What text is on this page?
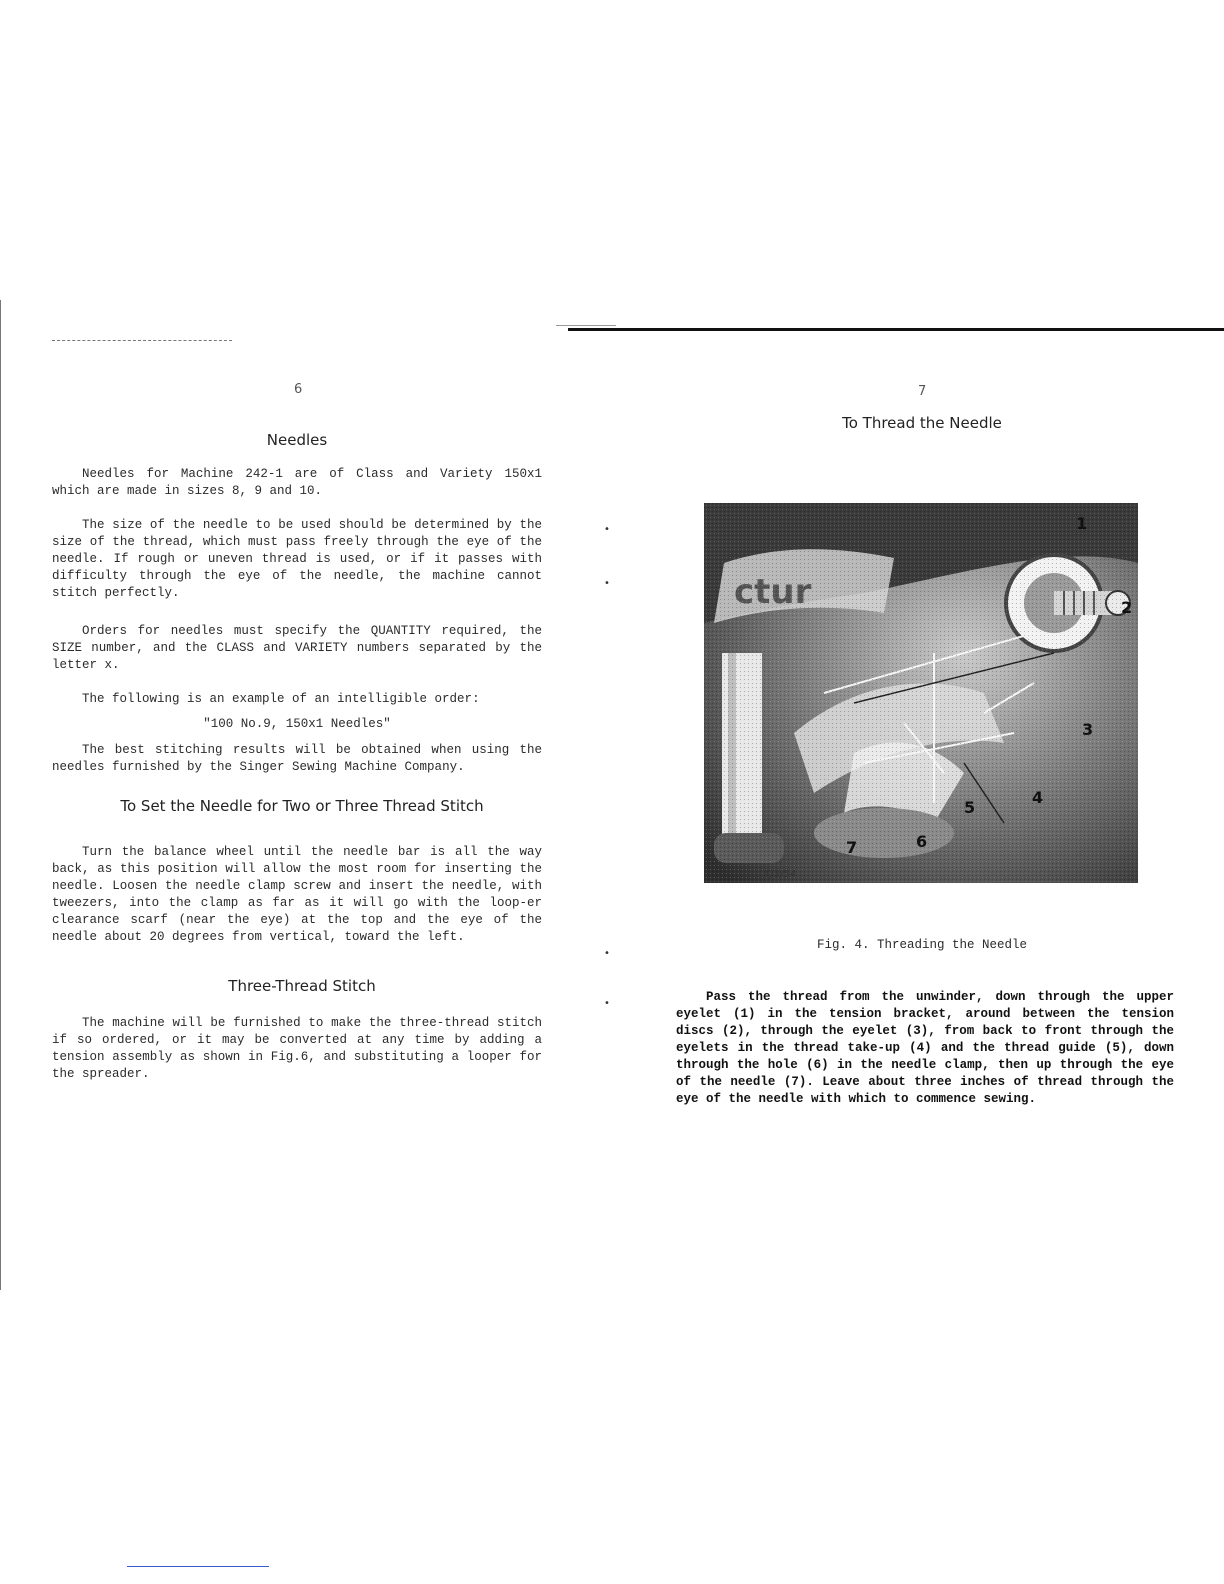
6
Needles

Needles for Machine 242-1 are of Class and Variety 150x1 which are made in sizes 8, 9 and 10.

The size of the needle to be used should be determined by the size of the thread, which must pass freely through the eye of the needle. If rough or uneven thread is used, or if it passes with difficulty through the eye of the needle, the machine cannot stitch perfectly.

Orders for needles must specify the QUANTITY required, the SIZE number, and the CLASS and VARIETY numbers separated by the letter x.

The following is an example of an intelligible order:

"100 No.9, 150x1 Needles"

The best stitching results will be obtained when using the needles furnished by the Singer Sewing Machine Company.

To Set the Needle for Two or Three Thread Stitch

Turn the balance wheel until the needle bar is all the way back, as this position will allow the most room for inserting the needle. Loosen the needle clamp screw and insert the needle, with tweezers, into the clamp as far as it will go with the loop-er clearance scarf (near the eye) at the top and the eye of the needle about 20 degrees from vertical, toward the left.

Three-Thread Stitch

The machine will be furnished to make the three-thread stitch if so ordered, or it may be converted at any time by adding a tension assembly as shown in Fig.6, and substituting a looper for the spreader.

•
•
•
•
7
To Thread the Needle
1
2
3
4
5
6
7
T/3/54
Fig. 4. Threading the Needle

Pass the thread from the unwinder, down through the upper eyelet (1) in the tension bracket, around between the tension discs (2), through the eyelet (3), from back to front through the eyelets in the thread take-up (4) and the thread guide (5), down through the hole (6) in the needle clamp, then up through the eye of the needle (7). Leave about three inches of thread through the eye of the needle with which to commence sewing.
